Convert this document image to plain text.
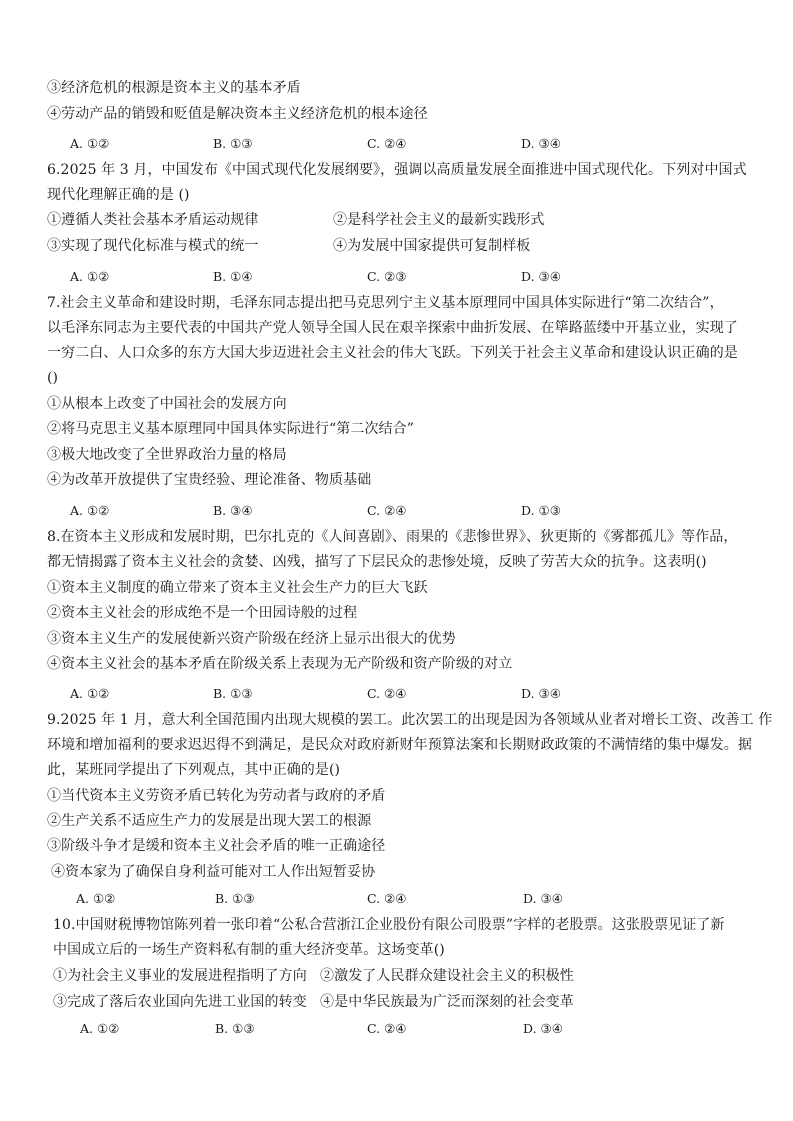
③经济危机的根源是资本主义的基本矛盾
④劳动产品的销毁和贬值是解决资本主义经济危机的根本途径
A. ①②	B. ①③	C. ②④	D. ③④
6.2025 年 3 月，中国发布《中国式现代化发展纲要》，强调以高质量发展全面推进中国式现代化。下列对中国式
现代化理解正确的是 ()
①遵循人类社会基本矛盾运动规律	②是科学社会主义的最新实践形式
③实现了现代化标准与模式的统一	④为发展中国家提供可复制样板
A. ①②	B. ①④	C. ②③	D. ③④
7.社会主义革命和建设时期，毛泽东同志提出把马克思列宁主义基本原理同中国具体实际进行“第二次结合”，
以毛泽东同志为主要代表的中国共产党人领导全国人民在艰辛探索中曲折发展、在筚路蓝缕中开基立业，实现了
一穷二白、人口众多的东方大国大步迈进社会主义社会的伟大飞跃。下列关于社会主义革命和建设认识正确的是
()
①从根本上改变了中国社会的发展方向
②将马克思主义基本原理同中国具体实际进行“第二次结合”
③极大地改变了全世界政治力量的格局
④为改革开放提供了宝贵经验、理论准备、物质基础
A. ①②	B. ③④	C. ②④	D. ①③
8.在资本主义形成和发展时期，巴尔扎克的《人间喜剧》、雨果的《悲惨世界》、狄更斯的《雾都孤儿》等作品，
都无情揭露了资本主义社会的贪婪、凶残，描写了下层民众的悲惨处境，反映了劳苦大众的抗争。这表明()
①资本主义制度的确立带来了资本主义社会生产力的巨大飞跃
②资本主义社会的形成绝不是一个田园诗般的过程
③资本主义生产的发展使新兴资产阶级在经济上显示出很大的优势
④资本主义社会的基本矛盾在阶级关系上表现为无产阶级和资产阶级的对立
A. ①②	B. ①③	C. ②④	D. ③④
9.2025 年 1 月，意大利全国范围内出现大规模的罢工。此次罢工的出现是因为各领域从业者对增长工资、改善工 作
环境和增加福利的要求迟迟得不到满足，是民众对政府新财年预算法案和长期财政政策的不满情绪的集中爆发。据
此，某班同学提出了下列观点，其中正确的是()
①当代资本主义劳资矛盾已转化为劳动者与政府的矛盾
②生产关系不适应生产力的发展是出现大罢工的根源
③阶级斗争才是缓和资本主义社会矛盾的唯一正确途径
④资本家为了确保自身利益可能对工人作出短暂妥协
A. ①②	B. ①③	C. ②④	D. ③④
10.中国财税博物馆陈列着一张印着“公私合营浙江企业股份有限公司股票”字样的老股票。这张股票见证了新
中国成立后的一场生产资料私有制的重大经济变革。这场变革()
①为社会主义事业的发展进程指明了方向 ②激发了人民群众建设社会主义的积极性
③完成了落后农业国向先进工业国的转变 ④是中华民族最为广泛而深刻的社会变革
A. ①②	B. ①③	C. ②④	D. ③④
